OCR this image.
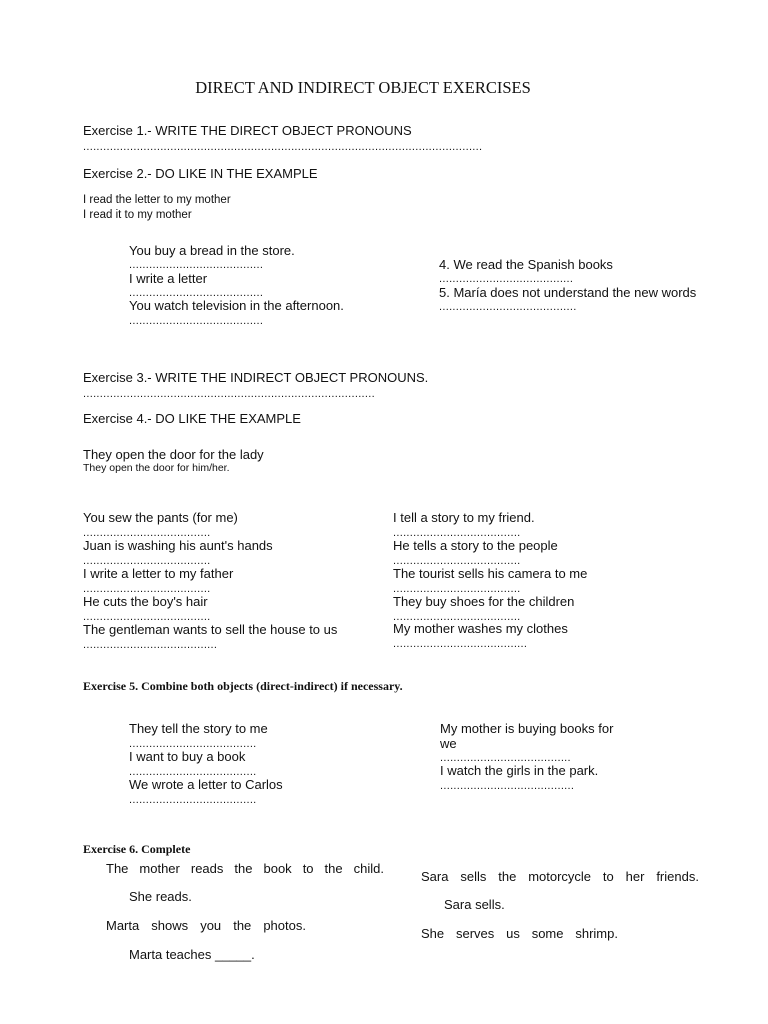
DIRECT AND INDIRECT OBJECT EXERCISES
Exercise 1.- WRITE THE DIRECT OBJECT PRONOUNS
.......................................................................................................................
Exercise 2.- DO LIKE IN THE EXAMPLE
I read the letter to my mother
I read it to my mother
You buy a bread in the store.
........................................
I write a letter
........................................
You watch television in the afternoon.
........................................
4. We read the Spanish books
........................................
5. María does not understand the new words
.........................................
Exercise 3.- WRITE THE INDIRECT OBJECT PRONOUNS.
.......................................................................................
Exercise 4.- DO LIKE THE EXAMPLE
They open the door for the lady
They open the door for him/her.
You sew the pants (for me)
......................................
Juan is washing his aunt's hands
......................................
I write a letter to my father
......................................
He cuts the boy's hair
......................................
The gentleman wants to sell the house to us
........................................
I tell a story to my friend.
......................................
He tells a story to the people
......................................
The tourist sells his camera to me
......................................
They buy shoes for the children
......................................
My mother washes my clothes
........................................
Exercise 5. Combine both objects (direct-indirect) if necessary.
They tell the story to me
......................................
I want to buy a book
......................................
We wrote a letter to Carlos
......................................
My mother is buying books for
we
.......................................
I watch the girls in the park.
........................................
Exercise 6. Complete
The mother reads the book to the child.
She reads.
Marta shows you the photos.
Marta teaches _____.
Sara sells the motorcycle to her friends.
Sara sells.
She serves us some shrimp.
